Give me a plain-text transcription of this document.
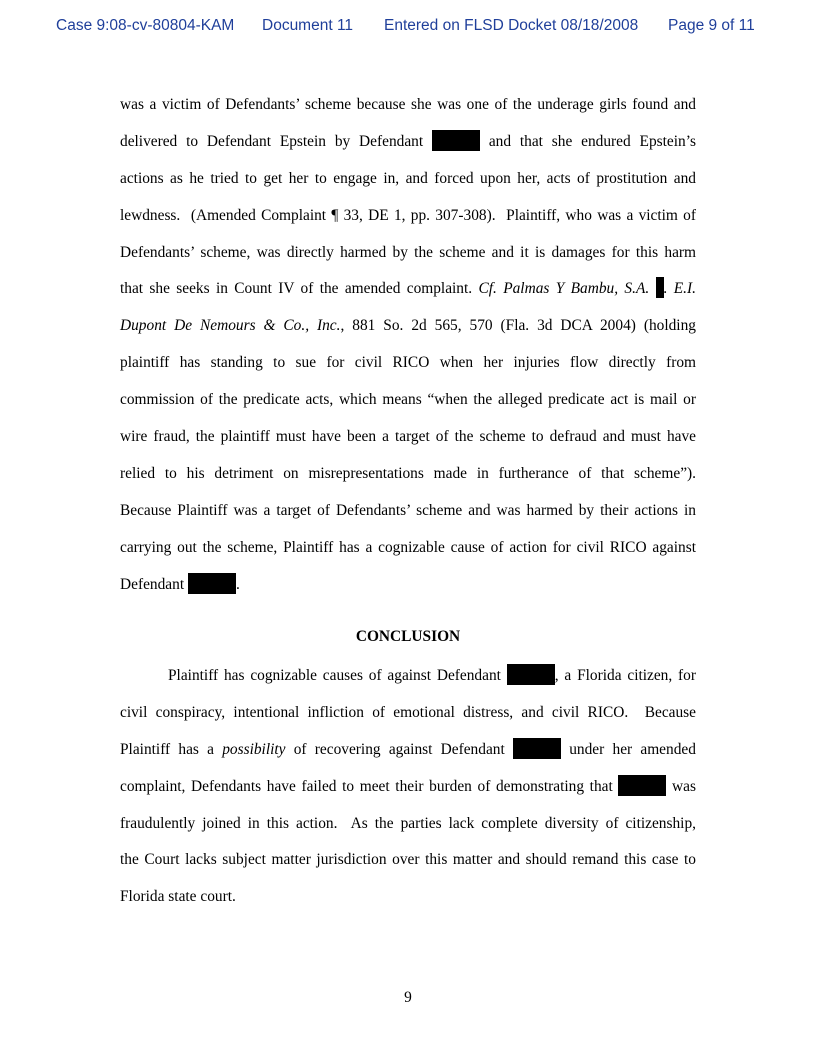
Case 9:08-cv-80804-KAM Document 11 Entered on FLSD Docket 08/18/2008 Page 9 of 11
was a victim of Defendants’ scheme because she was one of the underage girls found and
delivered to Defendant Epstein by Defendant	and that she endured Epstein’s
actions as he tried to get her to engage in, and forced upon her, acts of prostitution and
lewdness.  (Amended Complaint ¶ 33, DE 1, pp. 307-308).  Plaintiff, who was a victim of
Defendants’ scheme, was directly harmed by the scheme and it is damages for this harm
that she seeks in Count IV of the amended complaint. Cf. Palmas Y Bambu, S.A. . E.I.
Dupont De Nemours & Co., Inc., 881 So. 2d 565, 570 (Fla. 3d DCA 2004) (holding
plaintiff has standing to sue for civil RICO when her injuries flow directly from
commission of the predicate acts, which means “when the alleged predicate act is mail or
wire fraud, the plaintiff must have been a target of the scheme to defraud and must have
relied to his detriment on misrepresentations made in furtherance of that scheme”).
Because Plaintiff was a target of Defendants’ scheme and was harmed by their actions in
carrying out the scheme, Plaintiff has a cognizable cause of action for civil RICO against
Defendant	.
CONCLUSION
Plaintiff has cognizable causes of against Defendant	, a Florida citizen, for
civil conspiracy, intentional infliction of emotional distress, and civil RICO.  Because
Plaintiff has a possibility of recovering against Defendant	under her amended
complaint, Defendants have failed to meet their burden of demonstrating that	was
fraudulently joined in this action.  As the parties lack complete diversity of citizenship,
the Court lacks subject matter jurisdiction over this matter and should remand this case to
Florida state court.
9
